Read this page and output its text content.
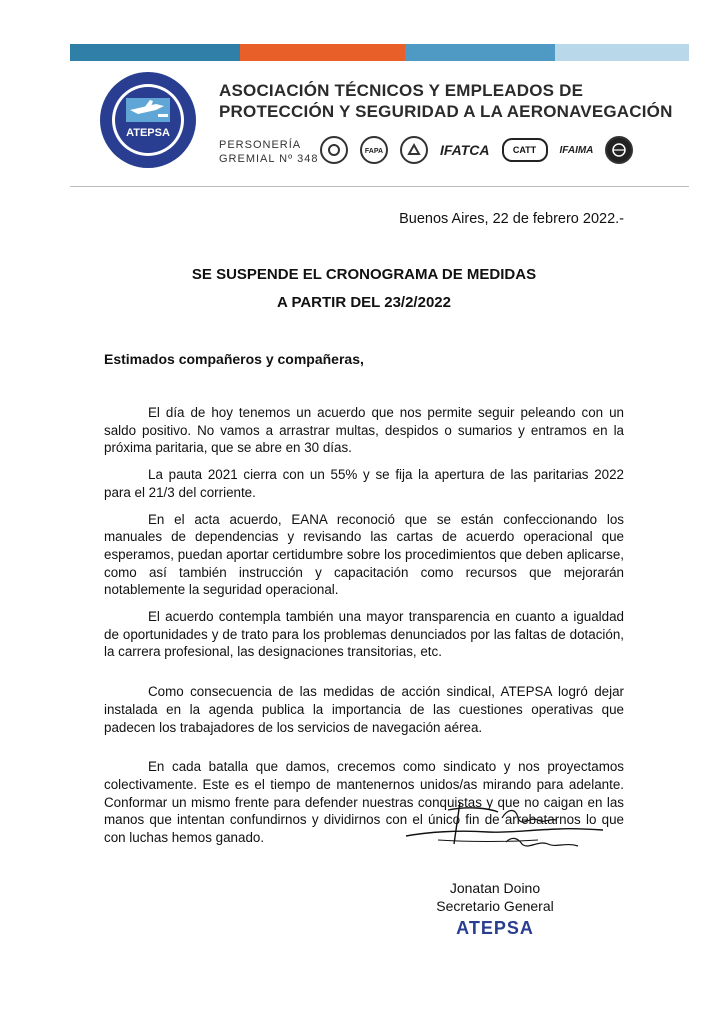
ATEPSA
ASOCIACIÓN TÉCNICOS Y EMPLEADOS DE
PROTECCIÓN Y SEGURIDAD A LA AERONAVEGACIÓN
PERSONERÍA
GREMIAL Nº 348
FAPA	IFATCA	CATT	IFAIMA
Buenos Aires, 22 de febrero 2022.-
SE SUSPENDE EL CRONOGRAMA DE MEDIDAS
A PARTIR DEL 23/2/2022
Estimados compañeros y compañeras,

El día de hoy tenemos un acuerdo que nos permite seguir peleando con un saldo positivo. No vamos a arrastrar multas, despidos o sumarios y entramos en la próxima paritaria, que se abre en 30 días.

La pauta 2021 cierra con un 55% y se fija la apertura de las paritarias 2022 para el 21/3 del corriente.

En el acta acuerdo, EANA reconoció que se están confeccionando los manuales de dependencias y revisando las cartas de acuerdo operacional que esperamos, puedan aportar certidumbre sobre los procedimientos que deben aplicarse, como así también instrucción y capacitación como recursos que mejorarán notablemente la seguridad operacional.

El acuerdo contempla también una mayor transparencia en cuanto a igualdad de oportunidades y de trato para los problemas denunciados por las faltas de dotación, la carrera profesional, las designaciones transitorias, etc.

Como consecuencia de las medidas de acción sindical, ATEPSA logró dejar instalada en la agenda publica la importancia de las cuestiones operativas que padecen los trabajadores de los servicios de navegación aérea.

En cada batalla que damos, crecemos como sindicato y nos proyectamos colectivamente. Este es el tiempo de mantenernos unidos/as mirando para adelante. Conformar un mismo frente para defender nuestras conquistas y que no caigan en las manos que intentan confundirnos y dividirnos con el único fin de arrebatarnos lo que con luchas hemos ganado.

Jonatan Doino
Secretario General
ATEPSA
